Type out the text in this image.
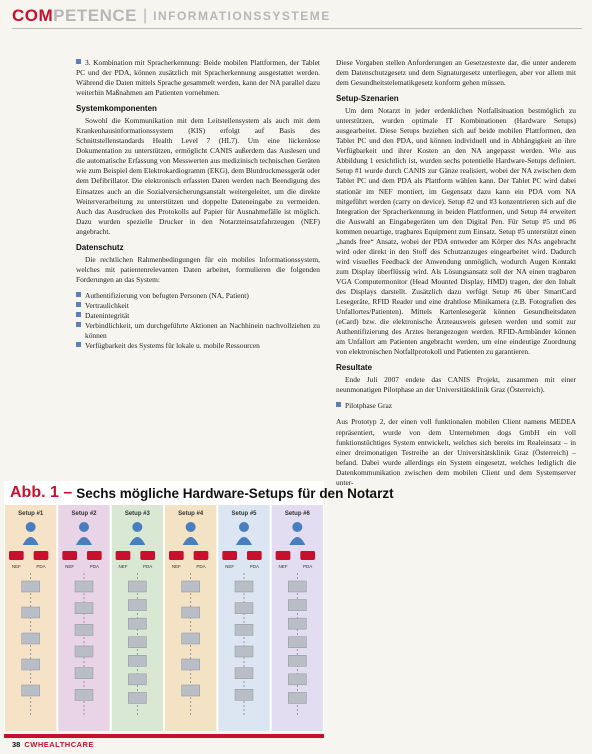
COMPETENCE | INFORMATIONSSYSTEME

3. Kombination mit Spracherkennung: Beide mobilen Plattformen, der Tablet PC und der PDA, können zusätzlich mit Spracherkennung ausgestattet werden. Während die Daten mittels Sprache gesammelt werden, kann der NA parallel dazu weiterhin Maßnahmen am Patienten vornehmen.

Systemkomponenten

Sowohl die Kommunikation mit dem Leitstellensystem als auch mit dem Krankenhausinformationssystem (KIS) erfolgt auf Basis des Schnittstellenstandards Health Level 7 (HL7). Um eine lückenlose Dokumentation zu unterstützen, ermöglicht CANIS außerdem das Auslesen und die automatische Erfassung von Messwerten aus medizinisch technischen Geräten wie zum Beispiel dem Elektrokardiogramm (EKG), dem Blutdruckmessgerät oder dem Defibrillator. Die elektronisch erfassten Daten werden nach Beendigung des Einsatzes auch an die Sozialversicherungsanstalt weitergeleitet, um die direkte Weiterverarbeitung zu unterstützen und doppelte Dateneingabe zu vermeiden. Auch das Ausdrucken des Protokolls auf Papier für Ausnahmefälle ist möglich. Dazu wurden spezielle Drucker in den Notarzteinsatzfahrzeugen (NEF) angebracht.

Datenschutz

Die rechtlichen Rahmenbedingungen für ein mobiles Informationssystem, welches mit patientenrelevanten Daten arbeitet, formulieren die folgenden Forderungen an das System:

Authentifizierung von befugten Personen (NA, Patient)
Vertraulichkeit
Datenintegrität
Verbindlichkeit, um durchgeführte Aktionen an Nachhinein nachvollziehen zu können
Verfügbarkeit des Systems für lokale u. mobile Ressourcen

Diese Vorgaben stellen Anforderungen an Gesetzestexte dar, die unter anderem dem Datenschutzgesetz und dem Signaturgesetz unterliegen, aber vor allem mit dem Gesundheitstelematikgesetz konform gehen müssen.

Setup-Szenarien

Um dem Notarzt in jeder erdenklichen Notfallsituation bestmöglich zu unterstützen, wurden optimale IT Kombinationen (Hardware Setups) ausgearbeitet. Diese Setups beziehen sich auf beide mobilen Plattformen, den Tablet PC und den PDA, und können individuell und in Abhängigkeit an ihre Verfügbarkeit und ihrer Kosten an den NA angepasst werden. Wie aus Abbildung 1 ersichtlich ist, wurden sechs potentielle Hardware-Setups definiert. Setup #1 wurde durch CANIS zur Gänze realisiert, wobei der NA zwischen dem Tablet PC und dem PDA als Plattform wählen kann. Der Tablet PC wird dabei stationär im NEF montiert, im Gegensatz dazu kann ein PDA vom NA mitgeführt werden (carry on device). Setup #2 und #3 konzentrieren sich auf die Integration der Spracherkennung in beiden Plattformen, und Setup #4 erweitert die Auswahl an Eingabegeräten um den Digital Pen. Für Setup #5 und #6 kommen neuartige, tragbares Equipment zum Einsatz. Setup #5 unterstützt einen „hands free“ Ansatz, wobei der PDA entweder am Körper des NAs angebracht wird oder direkt in den Stoff des Schutzanzuges eingearbeitet wird. Dadurch wird visuelles Feedback der Anwendung unmöglich, wodurch Augen Kontakt zum Display überflüssig wird. Als Lösungsansatz soll der NA einen tragbaren VGA Computermonitor (Head Mounted Display, HMD) tragen, der den Inhalt des Displays darstellt. Zusätzlich dazu verfügt Setup #6 über SmartCard Lesegeräte, RFID Reader und eine drahtlose Minikamera (z.B. Fotografien des Unfallortes/Patienten). Mittels Kartenlesegerät können Gesundheitsdaten (eCard) bzw. die elektronische Ärzteausweis gelesen werden und somit zur Authentifizierung des Arztes herangezogen werden. RFID-Armbänder können am Unfallort am Patienten angebracht werden, um eine eindeutige Zuordnung von elektronischen Notfallprotokoll und Patienten zu garantieren.

Resultate

Ende Juli 2007 endete das CANIS Projekt, zusammen mit einer neunmonatigen Pilotphase an der Universitätsklinik Graz (Österreich).

Pilotphase Graz

Aus Prototyp 2, der einen voll funktionalen mobilen Client namens MEDEA repräsentiert, wurde von dem Unternehmen dogs GmbH ein voll funktionstüchtiges System entwickelt, welches sich bereits im Realeinsatz – in einer dreimonatigen Testreihe an der Universitätsklinik Graz (Österreich) – befand. Dabei wurde allerdings ein System eingesetzt, welches lediglich die Datenkommunikation zwischen dem mobilen Client und dem Systemserver unter-

Abb. 1 – Sechs mögliche Hardware-Setups für den Notarzt
Setup #1
NEF	PDA
Setup #2
NEF	PDA
Setup #3
NEF	PDA
Setup #4
NEF	PDA
Setup #5
NEF	PDA
Setup #6
NEF	PDA
38 CWHEALTHCARE
